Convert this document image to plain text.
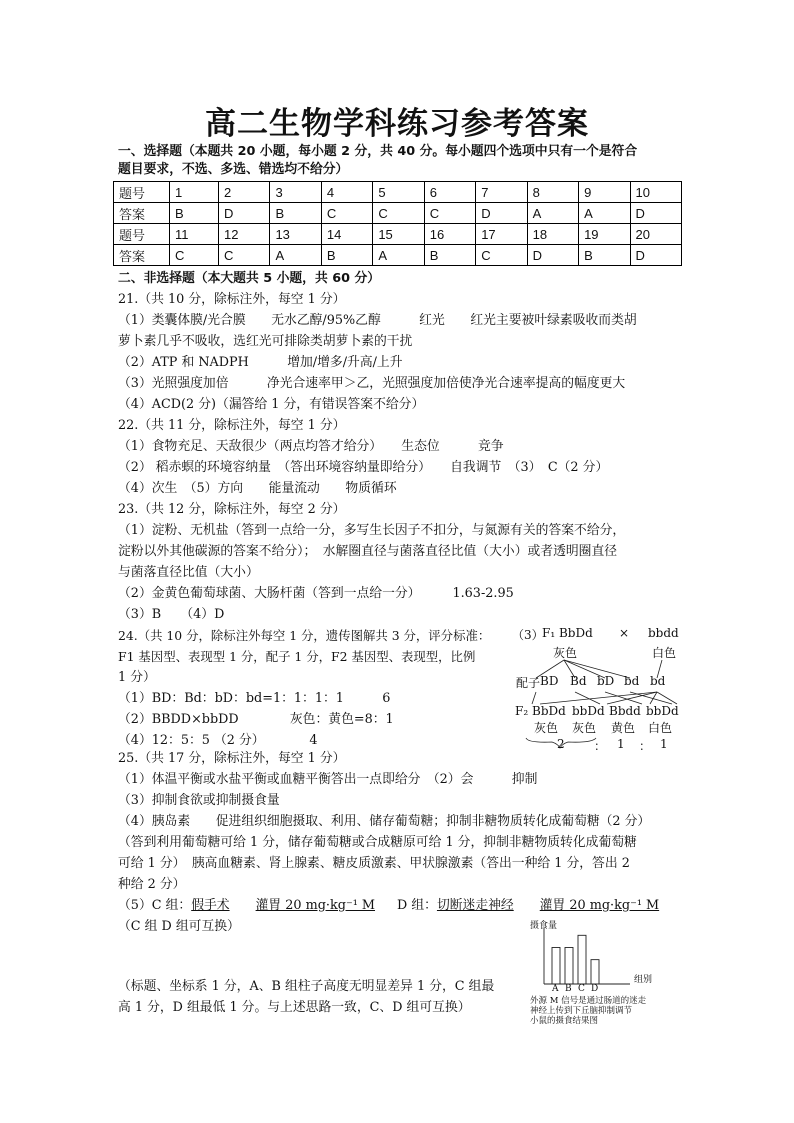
高二生物学科练习参考答案
一、选择题（本题共 20 小题，每小题 2 分，共 40 分。每小题四个选项中只有一个是符合
题目要求，不选、多选、错选均不给分）
题号	1	2	3	4	5	6	7	8	9	10
答案	B	D	B	C	C	C	D	A	A	D
题号	11	12	13	14	15	16	17	18	19	20
答案	C	C	A	B	A	B	C	D	B	D
二、非选择题（本大题共 5 小题，共 60 分）
21.（共 10 分，除标注外，每空 1 分）
（1）类囊体膜/光合膜　　无水乙醇/95%乙醇　　　红光　　红光主要被叶绿素吸收而类胡
萝卜素几乎不吸收，选红光可排除类胡萝卜素的干扰
（2）ATP 和 NADPH　　　增加/增多/升高/上升
（3）光照强度加倍　　　净光合速率甲＞乙，光照强度加倍使净光合速率提高的幅度更大
（4）ACD(2 分)（漏答给 1 分，有错误答案不给分）
22.（共 11 分，除标注外，每空 1 分）
（1）食物充足、天敌很少（两点均答才给分）　　生态位　　　竞争
（2） 稻赤螟的环境容纳量　（答出环境容纳量即给分）　　自我调节　（3）　C（2 分）
（4）次生　（5）方向　　能量流动　　物质循环
23.（共 12 分，除标注外，每空 2 分）
（1）淀粉、无机盐（答到一点给一分，多写生长因子不扣分，与氮源有关的答案不给分，
淀粉以外其他碳源的答案不给分）；　水解圈直径与菌落直径比值（大小）或者透明圈直径
与菌落直径比值（大小）
（2）金黄色葡萄球菌、大肠杆菌（答到一点给一分）　　　1.63-2.95
（3）B　　（4）D
24.（共 10 分，除标注外每空 1 分，遗传图解共 3 分，评分标准：
F1 基因型、表现型 1 分，配子 1 分，F2 基因型、表现型，比例
1 分）
（1）BD：Bd：bD：bd=1：1：1：1　　　6
（2）BBDD×bbDD　　　　灰色：黄色=8：1
（4）12：5：5 （2 分）　　　　4
（3）
F₁ BbDd × bbdd
灰色	白色
配子 BD Bd bD bd bd
F₂ BbDd bbDd Bbdd bbDd
灰色 灰色 黄色 白色
2 ： 1 ： 1
25.（共 17 分，除标注外，每空 1 分）
（1）体温平衡或水盐平衡或血糖平衡答出一点即给分　（2）会　　　抑制
（3）抑制食欲或抑制摄食量
（4）胰岛素　　促进组织细胞摄取、利用、储存葡萄糖；抑制非糖物质转化成葡萄糖（2 分）
（答到利用葡萄糖可给 1 分，储存葡萄糖或合成糖原可给 1 分，抑制非糖物质转化成葡萄糖
可给 1 分）　胰高血糖素、肾上腺素、糖皮质激素、甲状腺激素（答出一种给 1 分，答出 2
种给 2 分）
（5）C 组：假手术 灌胃 20 mg·kg⁻¹ M D 组：切断迷走神经 灌胃 20 mg·kg⁻¹ M
（C 组 D 组可互换）
（标题、坐标系 1 分，A、B 组柱子高度无明显差异 1 分，C 组最
高 1 分，D 组最低 1 分。与上述思路一致，C、D 组可互换）
摄食量
组别
A B C D
外源 M 信号是通过肠道的迷走
神经上传到下丘脑抑制调节
小鼠的摄食结果图
